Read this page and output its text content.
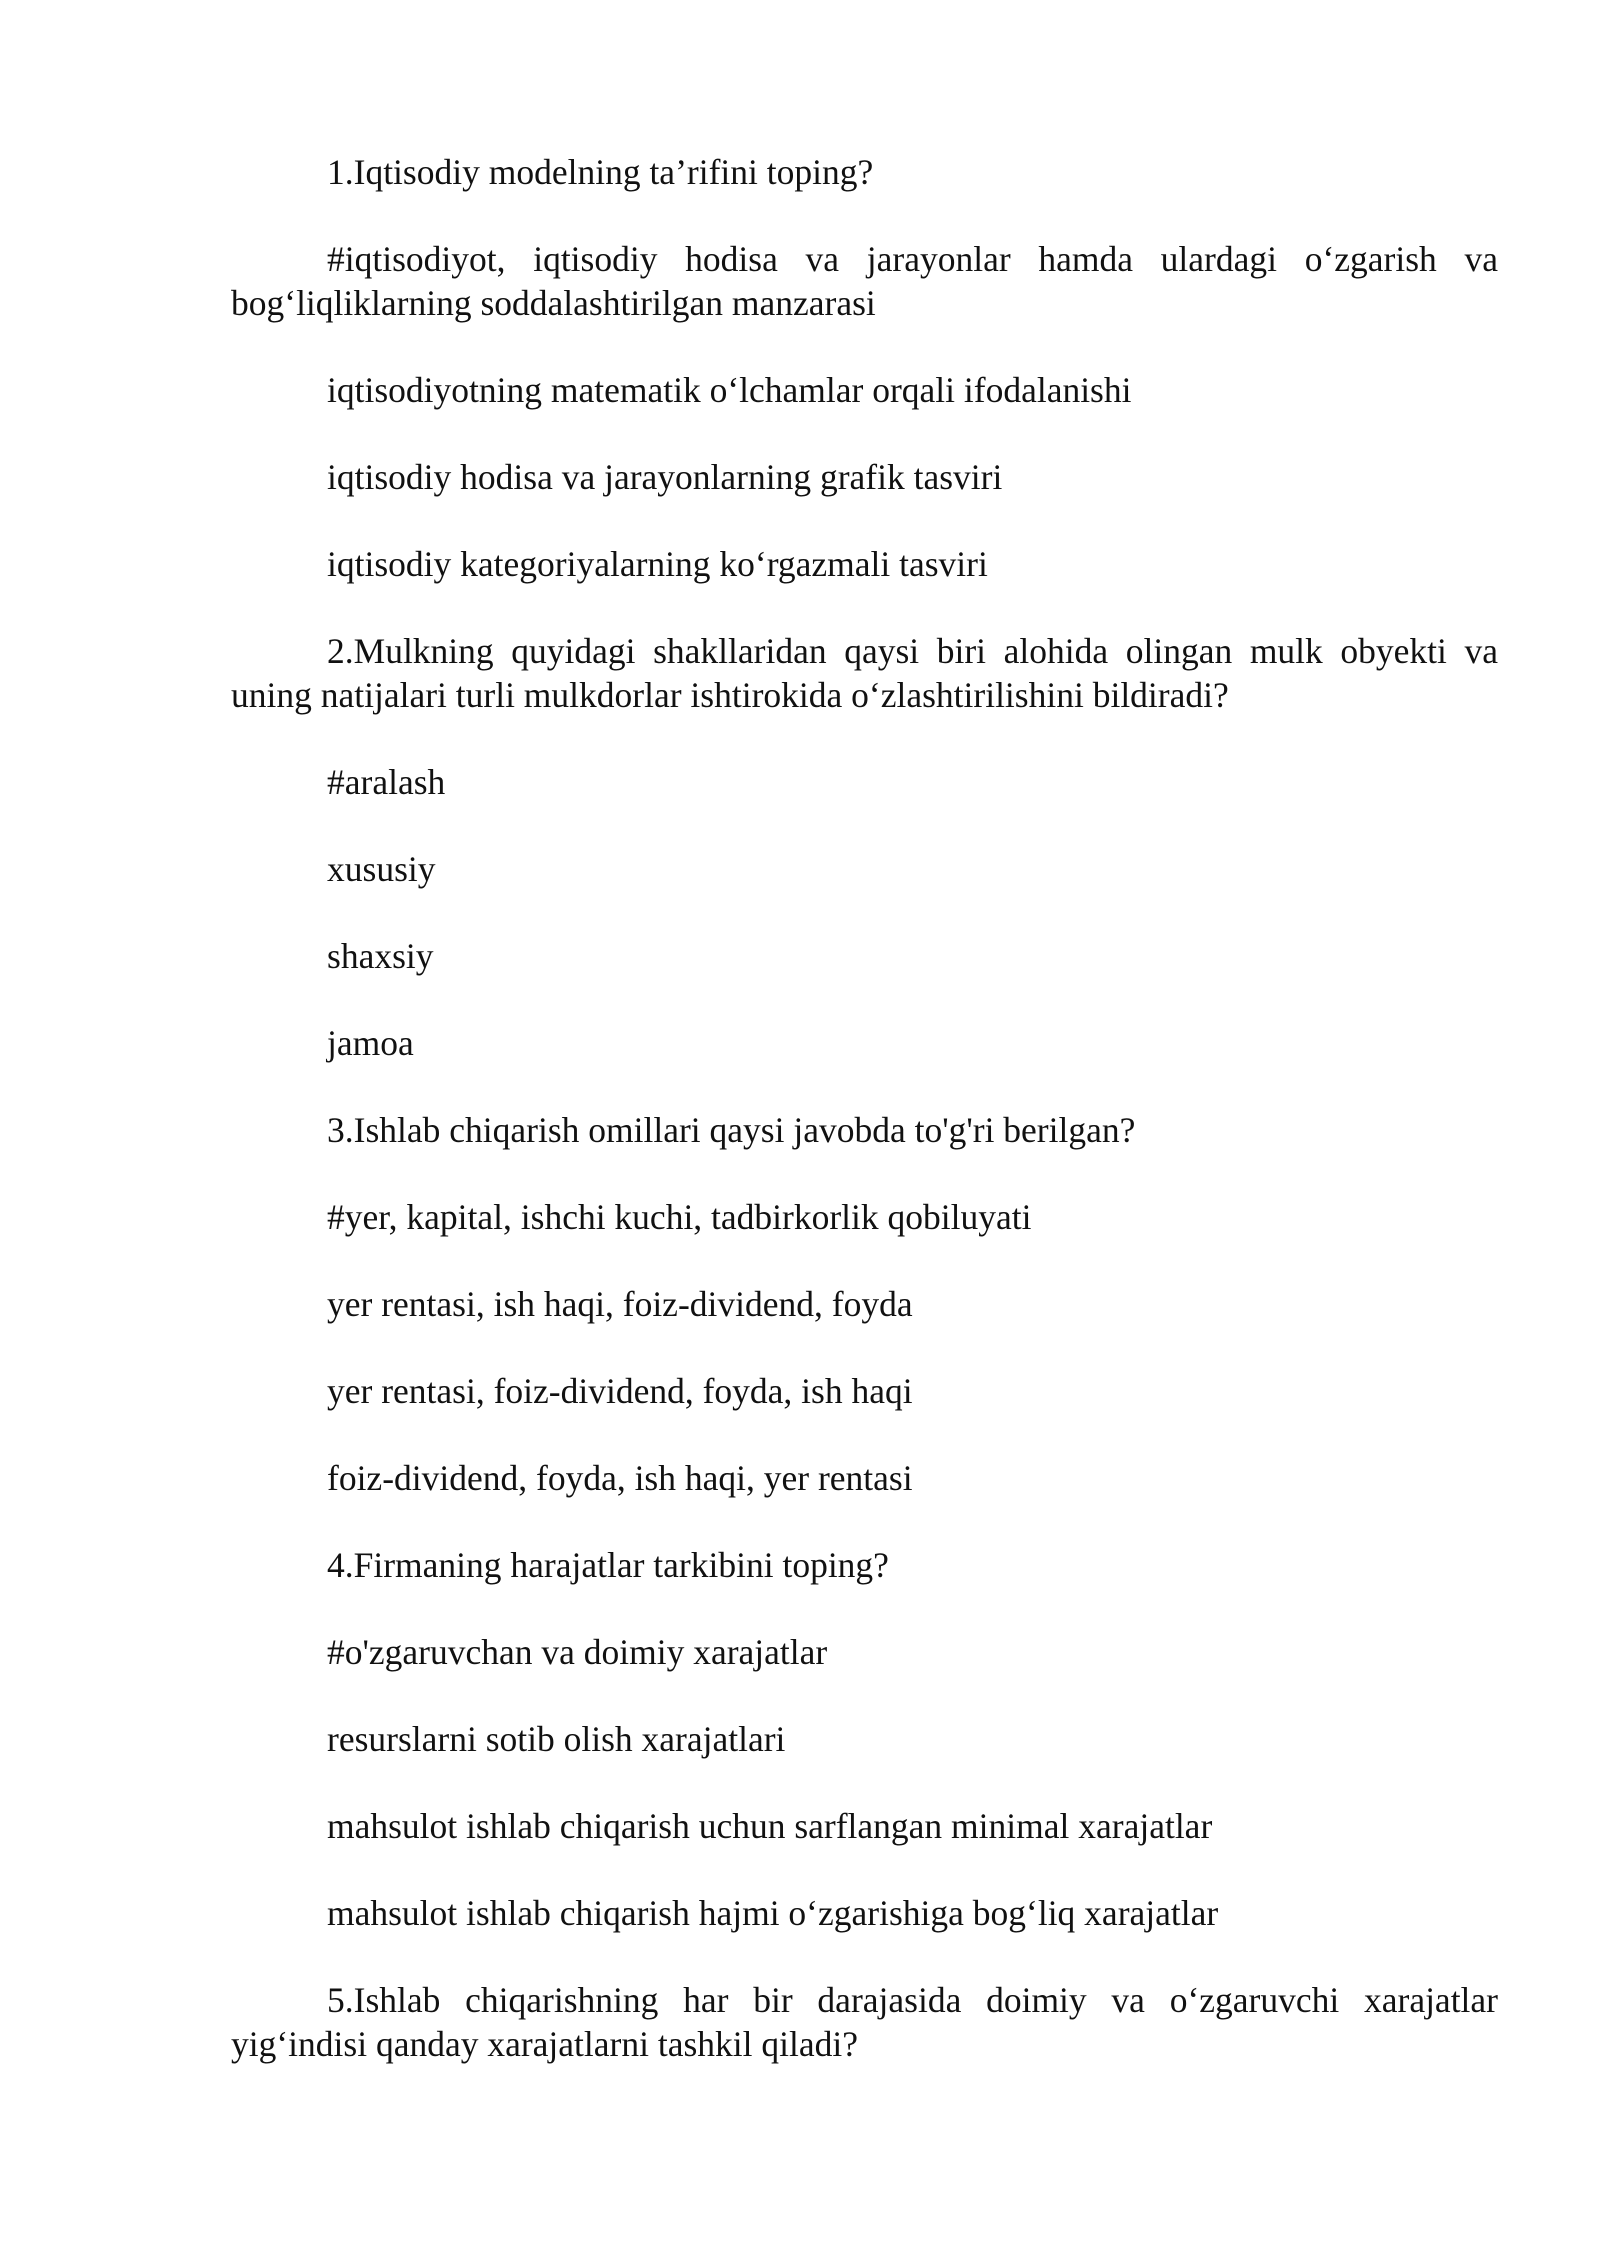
1.Iqtisodiy modelning ta’rifini toping?

#iqtisodiyot, iqtisodiy hodisa va jarayonlar hamda ulardagi o‘zgarish va bog‘liqliklarning soddalashtirilgan manzarasi

iqtisodiyotning matematik o‘lchamlar orqali ifodalanishi

iqtisodiy hodisa va jarayonlarning grafik tasviri

iqtisodiy kategoriyalarning ko‘rgazmali tasviri

2.Mulkning quyidagi shakllaridan qaysi biri alohida olingan mulk obyekti va uning natijalari turli mulkdorlar ishtirokida o‘zlashtirilishini bildiradi?

#aralash

xususiy

shaxsiy

jamoa

3.Ishlab chiqarish omillari qaysi javobda to'g'ri berilgan?

#yer, kapital, ishchi kuchi, tadbirkorlik qobiluyati

yer rentasi, ish haqi, foiz-dividend, foyda

yer rentasi, foiz-dividend, foyda, ish haqi

foiz-dividend, foyda, ish haqi, yer rentasi

4.Firmaning harajatlar tarkibini toping?

#o'zgaruvchan va doimiy xarajatlar

resurslarni sotib olish xarajatlari

mahsulot ishlab chiqarish uchun sarflangan minimal xarajatlar

mahsulot ishlab chiqarish hajmi o‘zgarishiga bog‘liq xarajatlar

5.Ishlab chiqarishning har bir darajasida doimiy va o‘zgaruvchi xarajatlar yig‘indisi qanday xarajatlarni tashkil qiladi?
